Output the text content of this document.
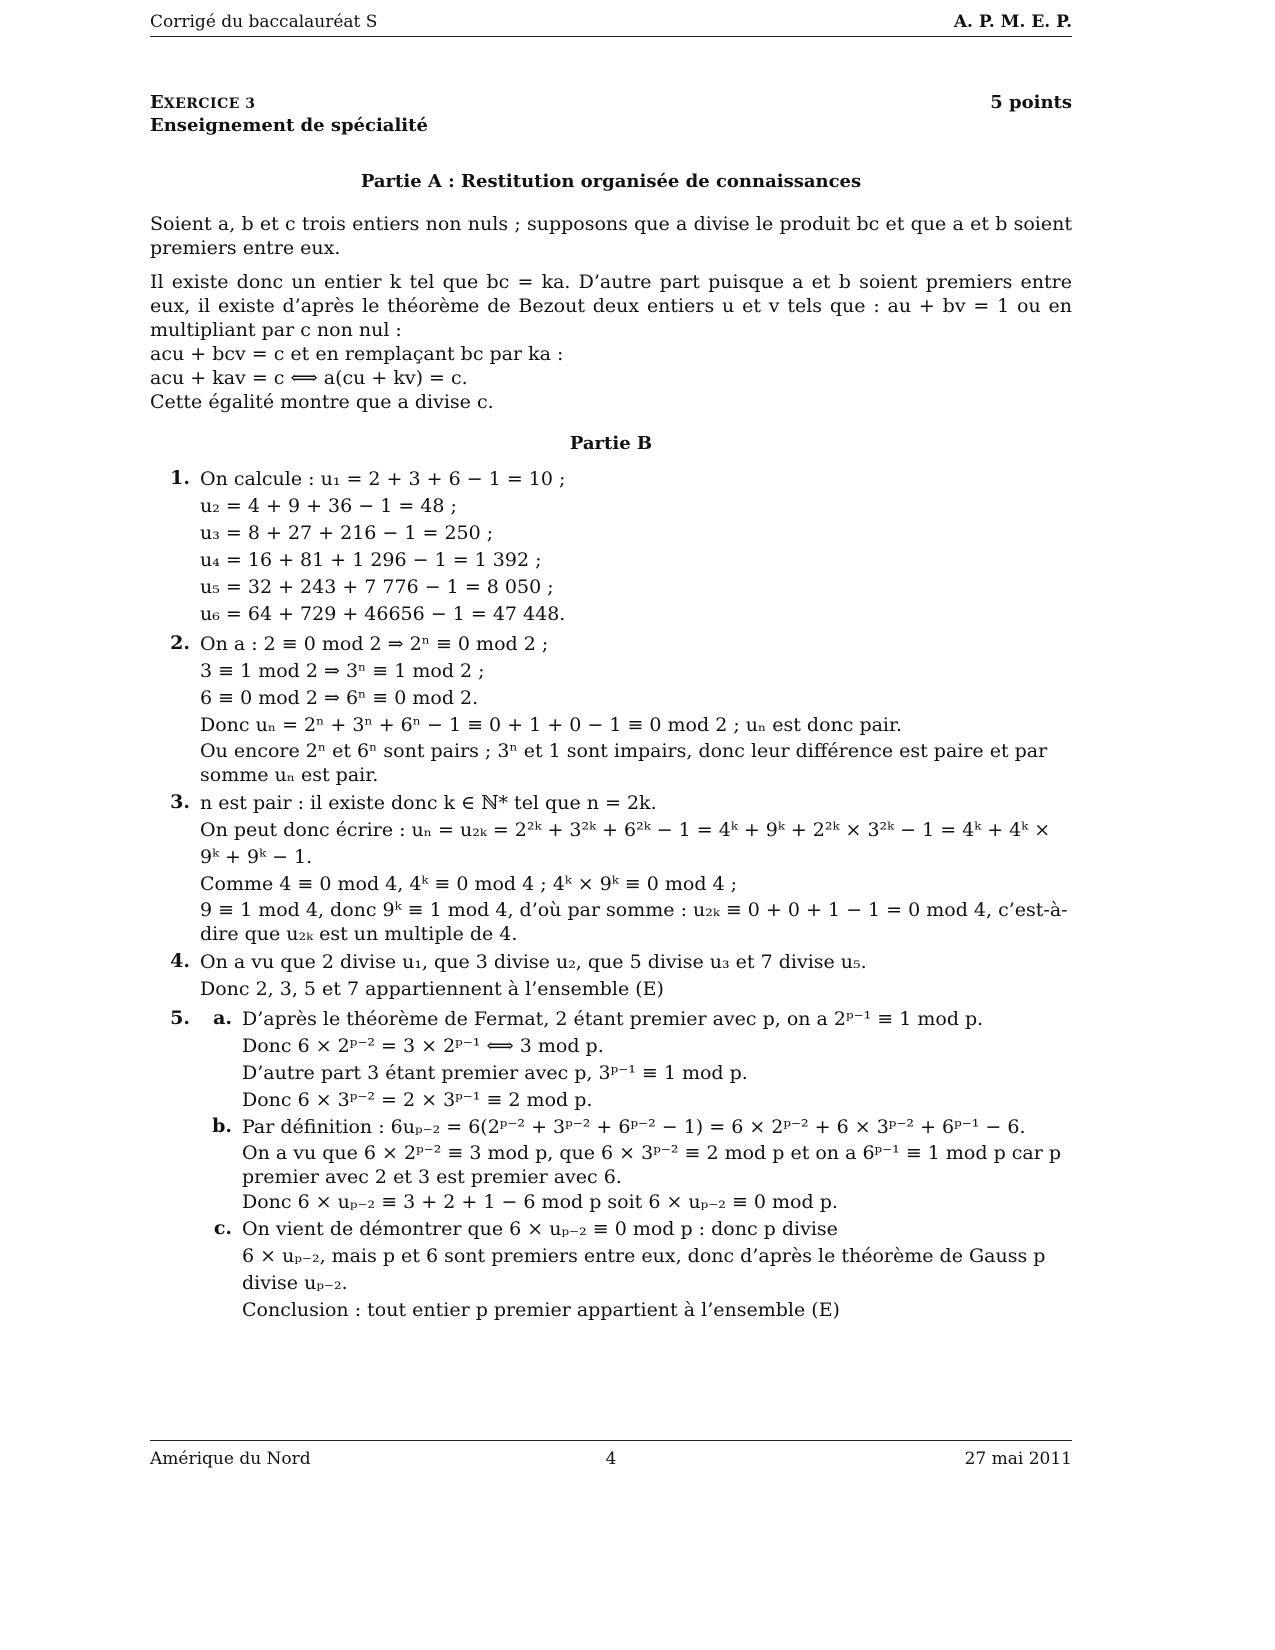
Corrigé du baccalauréat S	A. P. M. E. P.
EXERCICE 3	5 points
Enseignement de spécialité
Partie A : Restitution organisée de connaissances

Soient a, b et c trois entiers non nuls ; supposons que a divise le produit bc et que a et b soient premiers entre eux.

Il existe donc un entier k tel que bc = ka. D’autre part puisque a et b soient premiers entre eux, il existe d’après le théorème de Bezout deux entiers u et v tels que : au + bv = 1 ou en multipliant par c non nul :
acu + bcv = c et en remplaçant bc par ka :
acu + kav = c ⟺ a(cu + kv) = c.
Cette égalité montre que a divise c.

Partie B
1. On calcule : u₁ = 2 + 3 + 6 − 1 = 10 ;
u₂ = 4 + 9 + 36 − 1 = 48 ;
u₃ = 8 + 27 + 216 − 1 = 250 ;
u₄ = 16 + 81 + 1 296 − 1 = 1 392 ;
u₅ = 32 + 243 + 7 776 − 1 = 8 050 ;
u₆ = 64 + 729 + 46656 − 1 = 47 448.
2. On a : 2 ≡ 0 mod 2 ⇒ 2ⁿ ≡ 0 mod 2 ;
3 ≡ 1 mod 2 ⇒ 3ⁿ ≡ 1 mod 2 ;
6 ≡ 0 mod 2 ⇒ 6ⁿ ≡ 0 mod 2.
Donc uₙ = 2ⁿ + 3ⁿ + 6ⁿ − 1 ≡ 0 + 1 + 0 − 1 ≡ 0 mod 2 ; uₙ est donc pair.
Ou encore 2ⁿ et 6ⁿ sont pairs ; 3ⁿ et 1 sont impairs, donc leur différence est paire et par somme uₙ est pair.
3. n est pair : il existe donc k ∈ ℕ* tel que n = 2k.
On peut donc écrire : uₙ = u₂ₖ = 2²ᵏ + 3²ᵏ + 6²ᵏ − 1 = 4ᵏ + 9ᵏ + 2²ᵏ × 3²ᵏ − 1 = 4ᵏ + 4ᵏ × 9ᵏ + 9ᵏ − 1.
Comme 4 ≡ 0 mod 4, 4ᵏ ≡ 0 mod 4 ; 4ᵏ × 9ᵏ ≡ 0 mod 4 ;
9 ≡ 1 mod 4, donc 9ᵏ ≡ 1 mod 4, d’où par somme : u₂ₖ ≡ 0 + 0 + 1 − 1 = 0 mod 4, c’est-à-dire que u₂ₖ est un multiple de 4.
4. On a vu que 2 divise u₁, que 3 divise u₂, que 5 divise u₃ et 7 divise u₅.
Donc 2, 3, 5 et 7 appartiennent à l’ensemble (E)
5.	a. D’après le théorème de Fermat, 2 étant premier avec p, on a 2ᵖ⁻¹ ≡ 1 mod p.
Donc 6 × 2ᵖ⁻² = 3 × 2ᵖ⁻¹ ⟺ 3 mod p.
D’autre part 3 étant premier avec p, 3ᵖ⁻¹ ≡ 1 mod p.
Donc 6 × 3ᵖ⁻² = 2 × 3ᵖ⁻¹ ≡ 2 mod p.
b. Par définition : 6uₚ₋₂ = 6(2ᵖ⁻² + 3ᵖ⁻² + 6ᵖ⁻² − 1) = 6 × 2ᵖ⁻² + 6 × 3ᵖ⁻² + 6ᵖ⁻¹ − 6.
On a vu que 6 × 2ᵖ⁻² ≡ 3 mod p, que 6 × 3ᵖ⁻² ≡ 2 mod p et on a 6ᵖ⁻¹ ≡ 1 mod p car p premier avec 2 et 3 est premier avec 6.
Donc 6 × uₚ₋₂ ≡ 3 + 2 + 1 − 6 mod p soit 6 × uₚ₋₂ ≡ 0 mod p.
c. On vient de démontrer que 6 × uₚ₋₂ ≡ 0 mod p : donc p divise
6 × uₚ₋₂, mais p et 6 sont premiers entre eux, donc d’après le théorème de Gauss p divise uₚ₋₂.
Conclusion : tout entier p premier appartient à l’ensemble (E)
Amérique du Nord	4	27 mai 2011
